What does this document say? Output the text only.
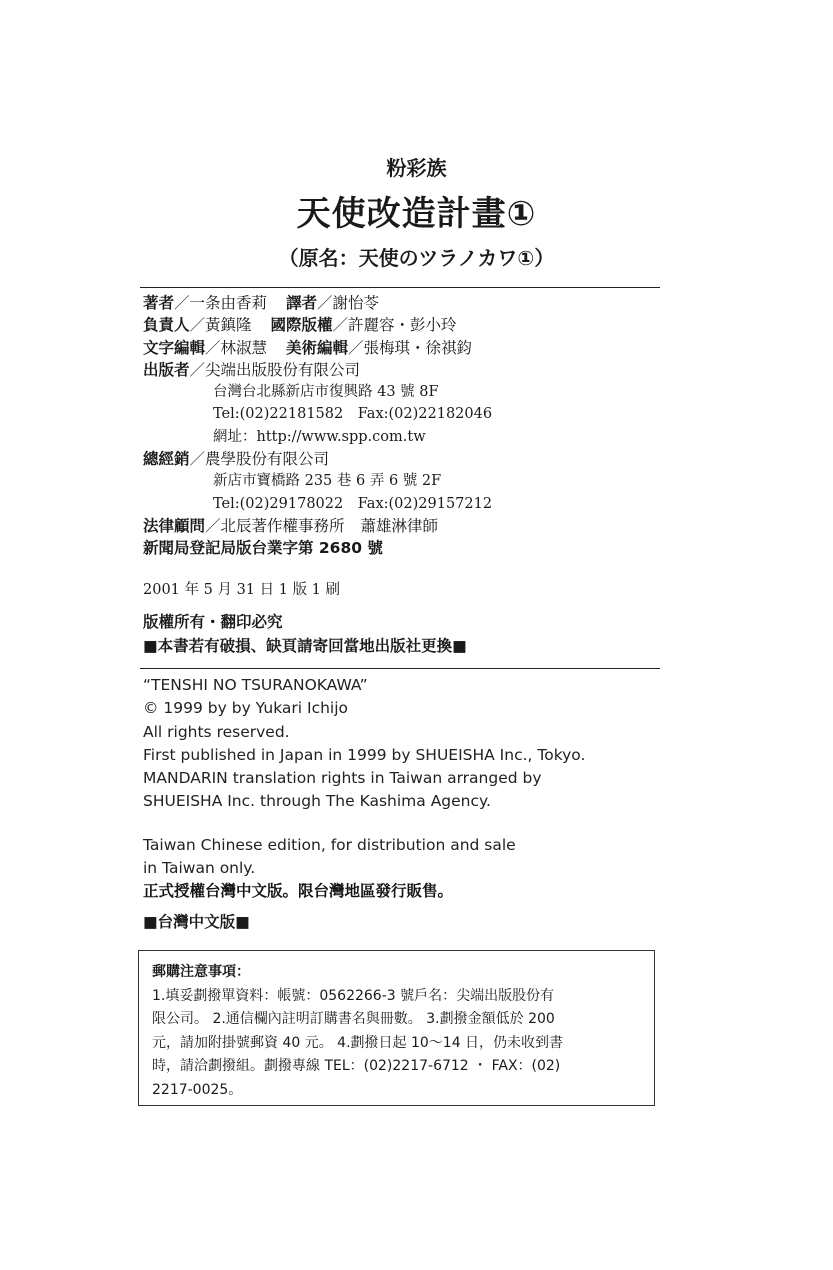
粉彩族
天使改造計畫①
（原名：天使のツラノカワ①）
著者／一条由香莉 譯者／謝怡苓
負責人／黃鎮隆 國際版權／許麗容・彭小玲
文字編輯／林淑慧 美術編輯／張梅琪・徐祺鈞
出版者／尖端出版股份有限公司
台灣台北縣新店市復興路 43 號 8F
Tel:(02)22181582　Fax:(02)22182046
網址：http://www.spp.com.tw
總經銷／農學股份有限公司
新店市寶橋路 235 巷 6 弄 6 號 2F
Tel:(02)29178022　Fax:(02)29157212
法律顧問／北辰著作權事務所 蕭雄淋律師
新聞局登記局版台業字第 2680 號
2001 年 5 月 31 日 1 版 1 刷
版權所有・翻印必究
■本書若有破損、缺頁請寄回當地出版社更換■
“TENSHI NO TSURANOKAWA”
© 1999 by by Yukari Ichijo
All rights reserved.
First published in Japan in 1999 by SHUEISHA Inc., Tokyo.
MANDARIN translation rights in Taiwan arranged by
SHUEISHA Inc. through The Kashima Agency.
Taiwan Chinese edition, for distribution and sale
in Taiwan only.
正式授權台灣中文版。限台灣地區發行販售。
■台灣中文版■
郵購注意事項：
1.填妥劃撥單資料：帳號：0562266-3 號戶名：尖端出版股份有
限公司。 2.通信欄內註明訂購書名與冊數。 3.劃撥金額低於 200
元，請加附掛號郵資 40 元。 4.劃撥日起 10～14 日，仍未收到書
時，請洽劃撥組。劃撥專線 TEL：(02)2217-6712 ・ FAX：(02)
2217-0025。
